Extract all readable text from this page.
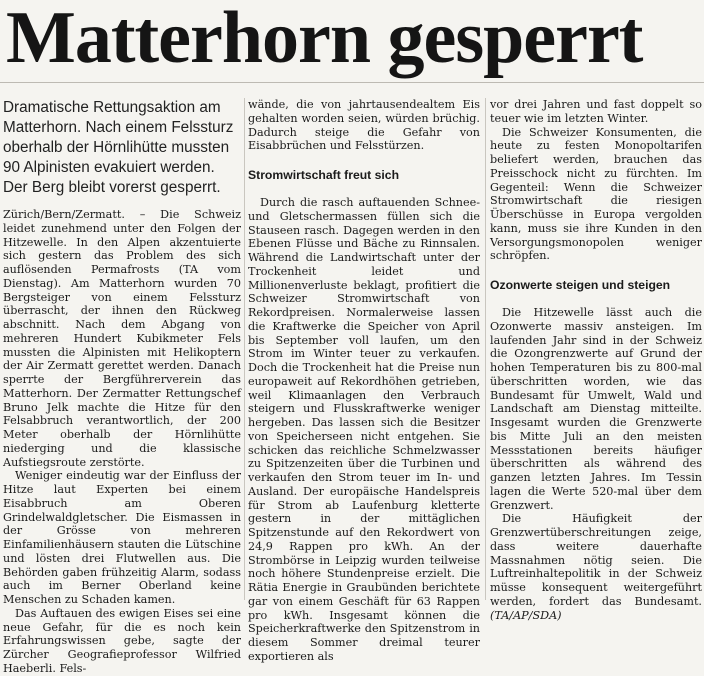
Matterhorn gesperrt
Dramatische Rettungsaktion am Matterhorn. Nach einem Felssturz oberhalb der Hörnlihütte mussten 90 Alpinisten evakuiert werden. Der Berg bleibt vorerst gesperrt.

Zürich/Bern/Zermatt. – Die Schweiz leidet zunehmend unter den Folgen der Hitzewelle. In den Alpen akzentuierte sich gestern das Problem des sich auflösenden Permafrosts (TA vom Dienstag). Am Matterhorn wurden 70 Bergsteiger von einem Felssturz überrascht, der ihnen den Rückweg abschnitt. Nach dem Abgang von mehreren Hundert Kubikmeter Fels mussten die Alpinisten mit Helikoptern der Air Zermatt gerettet werden. Danach sperrte der Bergführerverein das Matterhorn. Der Zermatter Rettungschef Bruno Jelk machte die Hitze für den Felsabbruch verantwortlich, der 200 Meter oberhalb der Hörnlihütte niederging und die klassische Aufstiegsroute zerstörte.

Weniger eindeutig war der Einfluss der Hitze laut Experten bei einem Eisabbruch am Oberen Grindelwaldgletscher. Die Eismassen in der Grösse von mehreren Einfamilienhäusern stauten die Lütschine und lösten drei Flutwellen aus. Die Behörden gaben frühzeitig Alarm, sodass auch im Berner Oberland keine Menschen zu Schaden kamen.

Das Auftauen des ewigen Eises sei eine neue Gefahr, für die es noch kein Erfahrungswissen gebe, sagte der Zürcher Geografieprofessor Wilfried Haeberli. Fels-

wände, die von jahrtausendealtem Eis gehalten worden seien, würden brüchig. Dadurch steige die Gefahr von Eisabbrüchen und Felsstürzen.

Stromwirtschaft freut sich

Durch die rasch auftauenden Schnee- und Gletschermassen füllen sich die Stauseen rasch. Dagegen werden in den Ebenen Flüsse und Bäche zu Rinnsalen. Während die Landwirtschaft unter der Trockenheit leidet und Millionenverluste beklagt, profitiert die Schweizer Stromwirtschaft von Rekordpreisen. Normalerweise lassen die Kraftwerke die Speicher von April bis September voll laufen, um den Strom im Winter teuer zu verkaufen. Doch die Trockenheit hat die Preise nun europaweit auf Rekordhöhen getrieben, weil Klimaanlagen den Verbrauch steigern und Flusskraftwerke weniger hergeben. Das lassen sich die Besitzer von Speicherseen nicht entgehen. Sie schicken das reichliche Schmelzwasser zu Spitzenzeiten über die Turbinen und verkaufen den Strom teuer im In- und Ausland. Der europäische Handelspreis für Strom ab Laufenburg kletterte gestern in der mittäglichen Spitzenstunde auf den Rekordwert von 24,9 Rappen pro kWh. An der Strombörse in Leipzig wurden teilweise noch höhere Stundenpreise erzielt. Die Rätia Energie in Graubünden berichtete gar von einem Geschäft für 63 Rappen pro kWh. Insgesamt können die Speicherkraftwerke den Spitzenstrom in diesem Sommer dreimal teurer exportieren als

vor drei Jahren und fast doppelt so teuer wie im letzten Winter.

Die Schweizer Konsumenten, die heute zu festen Monopoltarifen beliefert werden, brauchen das Preisschock nicht zu fürchten. Im Gegenteil: Wenn die Schweizer Stromwirtschaft die riesigen Überschüsse in Europa vergolden kann, muss sie ihre Kunden in den Versorgungsmonopolen weniger schröpfen.

Ozonwerte steigen und steigen

Die Hitzewelle lässt auch die Ozonwerte massiv ansteigen. Im laufenden Jahr sind in der Schweiz die Ozongrenzwerte auf Grund der hohen Temperaturen bis zu 800-mal überschritten worden, wie das Bundesamt für Umwelt, Wald und Landschaft am Dienstag mitteilte. Insgesamt wurden die Grenzwerte bis Mitte Juli an den meisten Messstationen bereits häufiger überschritten als während des ganzen letzten Jahres. Im Tessin lagen die Werte 520-mal über dem Grenzwert.

Die Häufigkeit der Grenzwertüberschreitungen zeige, dass weitere dauerhafte Massnahmen nötig seien. Die Luftreinhaltepolitik in der Schweiz müsse konsequent weitergeführt werden, fordert das Bundesamt. (TA/AP/SDA)
